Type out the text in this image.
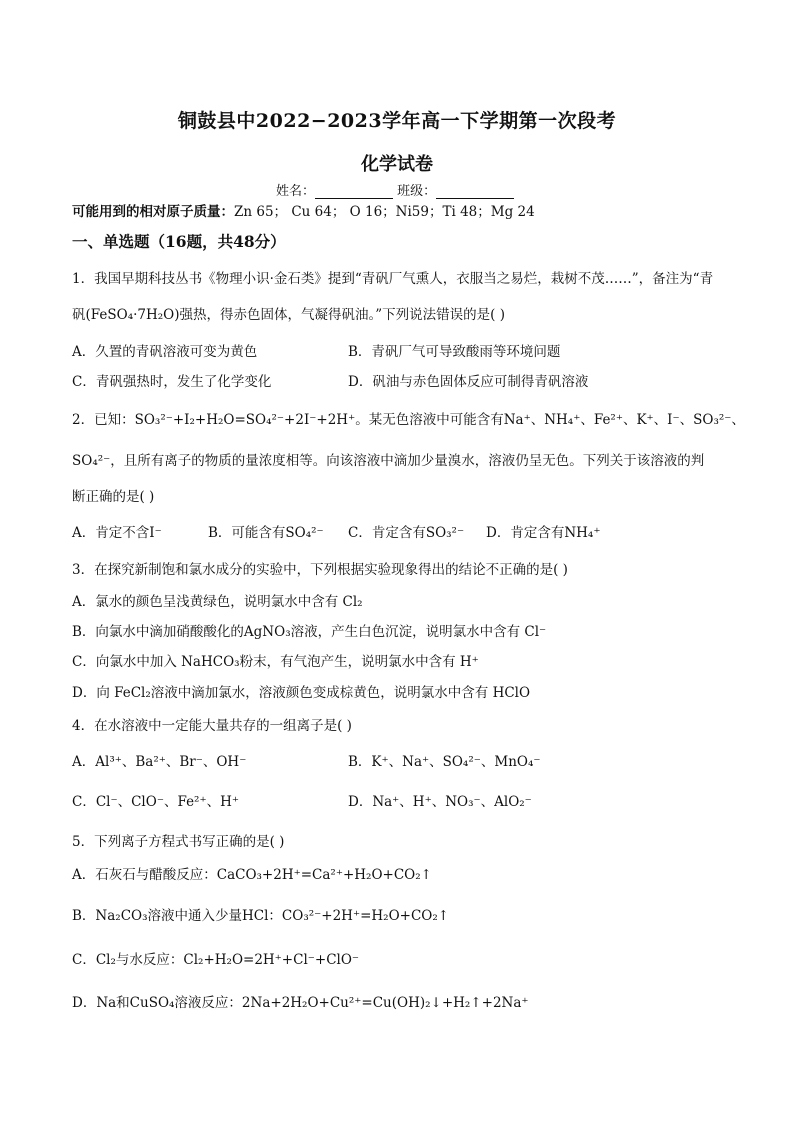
铜鼓县中2022−2023学年高一下学期第一次段考
化学试卷
姓名：	班级：
可能用到的相对原子质量：Zn 65； Cu 64； O 16；Ni59；Ti 48；Mg 24
一、单选题（16题，共48分）
1．我国早期科技丛书《物理小识·金石类》提到“青矾厂气熏人，衣服当之易烂，栽树不茂……”，备注为“青
矾(FeSO₄·7H₂O)强热，得赤色固体，气凝得矾油。”下列说法错误的是( )
A．久置的青矾溶液可变为黄色	B．青矾厂气可导致酸雨等环境问题
C．青矾强热时，发生了化学变化	D．矾油与赤色固体反应可制得青矾溶液
2．已知：SO₃²⁻+I₂+H₂O=SO₄²⁻+2I⁻+2H⁺。某无色溶液中可能含有Na⁺、NH₄⁺、Fe²⁺、K⁺、I⁻、SO₃²⁻、
SO₄²⁻，且所有离子的物质的量浓度相等。向该溶液中滴加少量溴水，溶液仍呈无色。下列关于该溶液的判
断正确的是( )
A．肯定不含I⁻	B．可能含有SO₄²⁻ C．肯定含有SO₃²⁻ D．肯定含有NH₄⁺
3．在探究新制饱和氯水成分的实验中，下列根据实验现象得出的结论不正确的是( )
A．氯水的颜色呈浅黄绿色，说明氯水中含有 Cl₂
B．向氯水中滴加硝酸酸化的AgNO₃溶液，产生白色沉淀，说明氯水中含有 Cl⁻
C．向氯水中加入 NaHCO₃粉末，有气泡产生，说明氯水中含有 H⁺
D．向 FeCl₂溶液中滴加氯水，溶液颜色变成棕黄色，说明氯水中含有 HClO
4．在水溶液中一定能大量共存的一组离子是( )
A．Al³⁺、Ba²⁺、Br⁻、OH⁻	B．K⁺、Na⁺、SO₄²⁻、MnO₄⁻
C．Cl⁻、ClO⁻、Fe²⁺、H⁺	D．Na⁺、H⁺、NO₃⁻、AlO₂⁻
5．下列离子方程式书写正确的是( )
A．石灰石与醋酸反应：CaCO₃+2H⁺=Ca²⁺+H₂O+CO₂↑
B．Na₂CO₃溶液中通入少量HCl：CO₃²⁻+2H⁺=H₂O+CO₂↑
C．Cl₂与水反应：Cl₂+H₂O=2H⁺+Cl⁻+ClO⁻
D．Na和CuSO₄溶液反应：2Na+2H₂O+Cu²⁺=Cu(OH)₂↓+H₂↑+2Na⁺
